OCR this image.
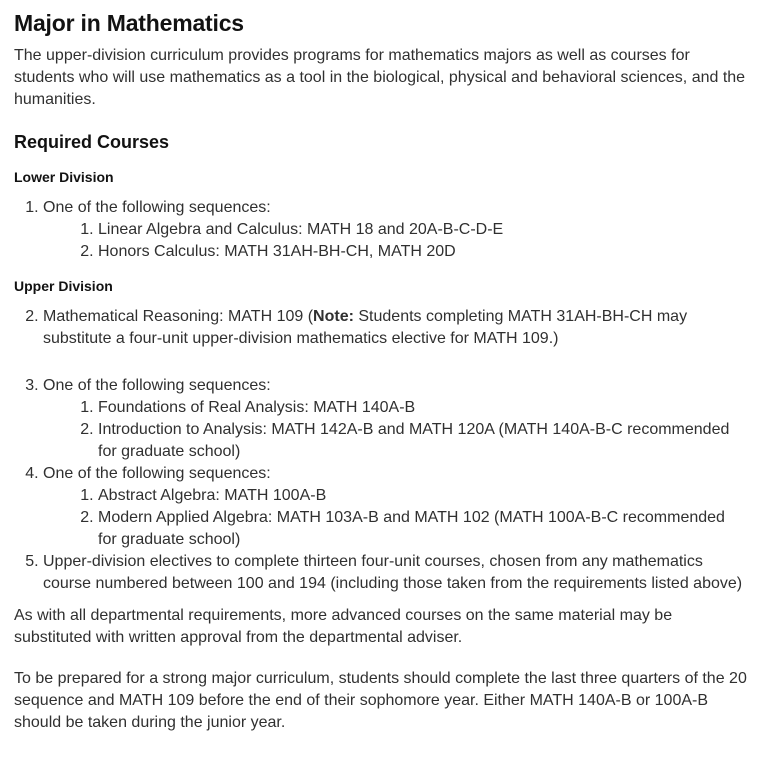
Major in Mathematics

The upper-division curriculum provides programs for mathematics majors as well as courses for students who will use mathematics as a tool in the biological, physical and behavioral sciences, and the humanities.

Required Courses
Lower Division
1. One of the following sequences:
1. Linear Algebra and Calculus: MATH 18 and 20A-B-C-D-E
2. Honors Calculus: MATH 31AH-BH-CH, MATH 20D
Upper Division
2. Mathematical Reasoning: MATH 109 (Note: Students completing MATH 31AH-BH-CH may substitute a four-unit upper-division mathematics elective for MATH 109.)
3. One of the following sequences:
1. Foundations of Real Analysis: MATH 140A-B
2. Introduction to Analysis: MATH 142A-B and MATH 120A (MATH 140A-B-C recommended for graduate school)
4. One of the following sequences:
1. Abstract Algebra: MATH 100A-B
2. Modern Applied Algebra: MATH 103A-B and MATH 102 (MATH 100A-B-C recommended for graduate school)
5. Upper-division electives to complete thirteen four-unit courses, chosen from any mathematics course numbered between 100 and 194 (including those taken from the requirements listed above)

As with all departmental requirements, more advanced courses on the same material may be substituted with written approval from the departmental adviser.

To be prepared for a strong major curriculum, students should complete the last three quarters of the 20 sequence and MATH 109 before the end of their sophomore year. Either MATH 140A-B or 100A-B should be taken during the junior year.
